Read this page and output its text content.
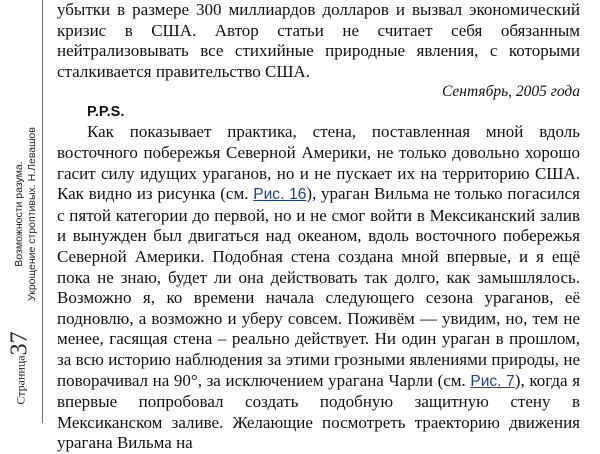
Возможности разума. Укрощение строптивых. Н.Левашов
Страница37

убытки в размере 300 миллиардов долларов и вызвал экономический кризис в США. Автор статьи не считает себя обязанным нейтрализовывать все стихийные природные явления, с которыми сталкивается правительство США.

Сентябрь, 2005 года

P.P.S.

Как показывает практика, стена, поставленная мной вдоль восточного побережья Северной Америки, не только довольно хорошо гасит силу идущих ураганов, но и не пускает их на территорию США. Как видно из рисунка (см. Рис. 16), ураган Вильма не только погасился с пятой категории до первой, но и не смог войти в Мексиканский залив и вынужден был двигаться над океаном, вдоль восточного побережья Северной Америки. Подобная стена создана мной впервые, и я ещё пока не знаю, будет ли она действовать так долго, как замышлялось. Возможно я, ко времени начала следующего сезона ураганов, её подновлю, а возможно и уберу совсем. Поживём — увидим, но, тем не менее, гасящая стена – реально действует. Ни один ураган в прошлом, за всю историю наблюдения за этими грозными явлениями природы, не поворачивал на 90°, за исключением урагана Чарли (см. Рис. 7), когда я впервые попробовал создать подобную защитную стену в Мексиканском заливе. Желающие посмотреть траекторию движения урагана Вильма на
